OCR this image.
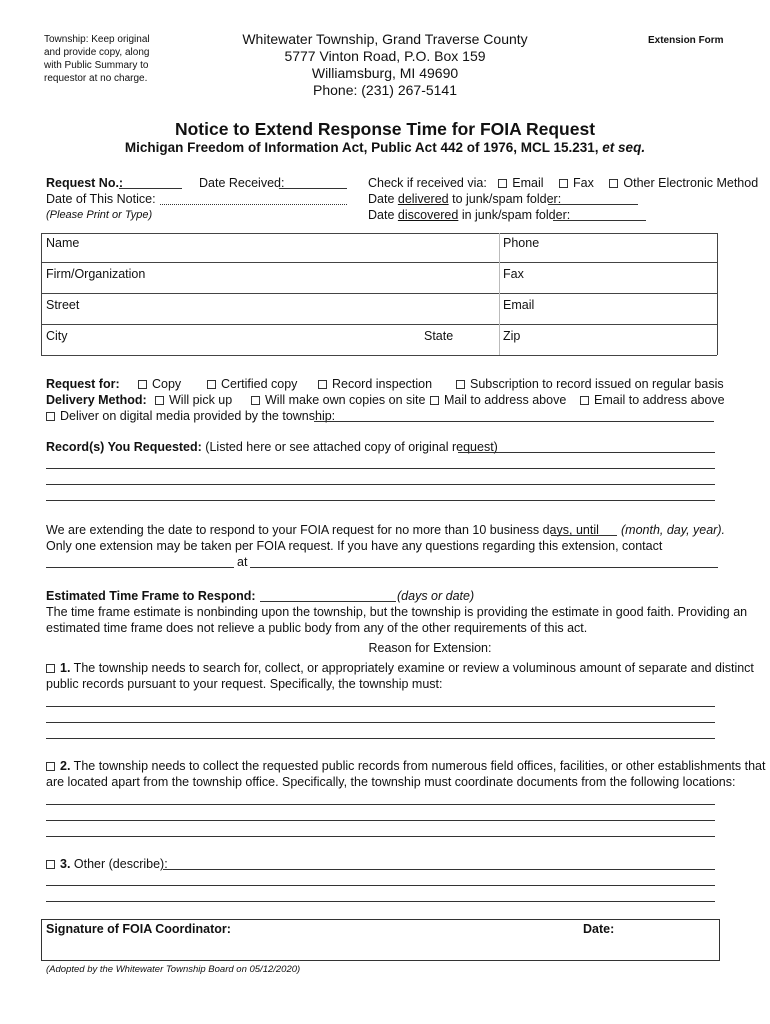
Township: Keep original
and provide copy, along
with Public Summary to
requestor at no charge.
Whitewater Township, Grand Traverse County
5777 Vinton Road, P.O. Box 159
Williamsburg, MI 49690
Phone: (231) 267-5141
Extension Form
Notice to Extend Response Time for FOIA Request
Michigan Freedom of Information Act, Public Act 442 of 1976, MCL 15.231, et seq.
Request No.:	Date Received:
Date of This Notice:
(Please Print or Type)
Check if received via: Email Fax Other Electronic Method
Date delivered to junk/spam folder:
Date discovered in junk/spam folder:
Name	Phone
Firm/Organization	Fax
Street	Email
City	State	Zip
Request for:	Copy	Certified copy	Record inspection	Subscription to record issued on regular basis
Delivery Method:	Will pick up	Will make own copies on site	Mail to address above	Email to address above
Deliver on digital media provided by the township:
Record(s) You Requested: (Listed here or see attached copy of original request)
We are extending the date to respond to your FOIA request for no more than 10 business days, until (month, day, year).
Only one extension may be taken per FOIA request. If you have any questions regarding this extension, contact
at
Estimated Time Frame to Respond:	(days or date)
The time frame estimate is nonbinding upon the township, but the township is providing the estimate in good faith. Providing an
estimated time frame does not relieve a public body from any of the other requirements of this act.
Reason for Extension:
1. The township needs to search for, collect, or appropriately examine or review a voluminous amount of separate and distinct
public records pursuant to your request. Specifically, the township must:
2. The township needs to collect the requested public records from numerous field offices, facilities, or other establishments that
are located apart from the township office. Specifically, the township must coordinate documents from the following locations:
3. Other (describe):
Signature of FOIA Coordinator:	Date:
(Adopted by the Whitewater Township Board on 05/12/2020)
